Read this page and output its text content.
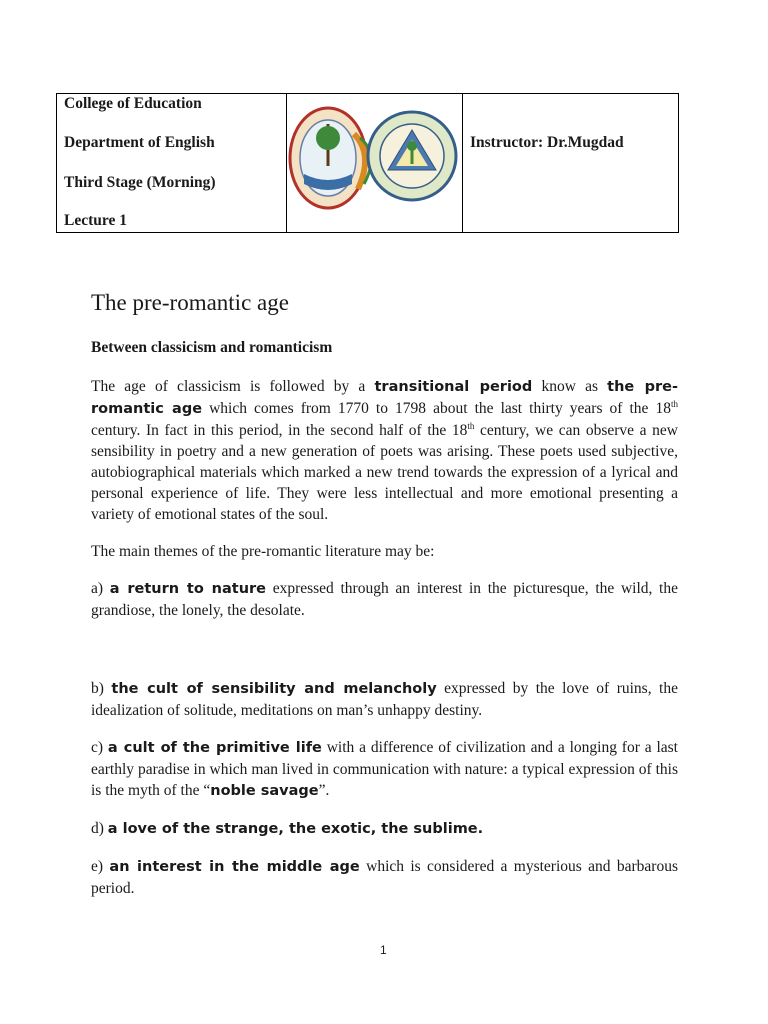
College of Education
Department of English
Third Stage (Morning)
Lecture 1
Instructor: Dr.Mugdad
The pre-romantic age
Between classicism and romanticism
The age of classicism is followed by a transitional period know as the pre-romantic age which comes from 1770 to 1798 about the last thirty years of the 18th century. In fact in this period, in the second half of the 18th century, we can observe a new sensibility in poetry and a new generation of poets was arising. These poets used subjective, autobiographical materials which marked a new trend towards the expression of a lyrical and personal experience of life. They were less intellectual and more emotional presenting a variety of emotional states of the soul.
The main themes of the pre-romantic literature may be:
a) a return to nature expressed through an interest in the picturesque, the wild, the grandiose, the lonely, the desolate.
b) the cult of sensibility and melancholy expressed by the love of ruins, the idealization of solitude, meditations on man’s unhappy destiny.
c) a cult of the primitive life with a difference of civilization and a longing for a last earthly paradise in which man lived in communication with nature: a typical expression of this is the myth of the “noble savage”.
d) a love of the strange, the exotic, the sublime.
e) an interest in the middle age which is considered a mysterious and barbarous period.
1
